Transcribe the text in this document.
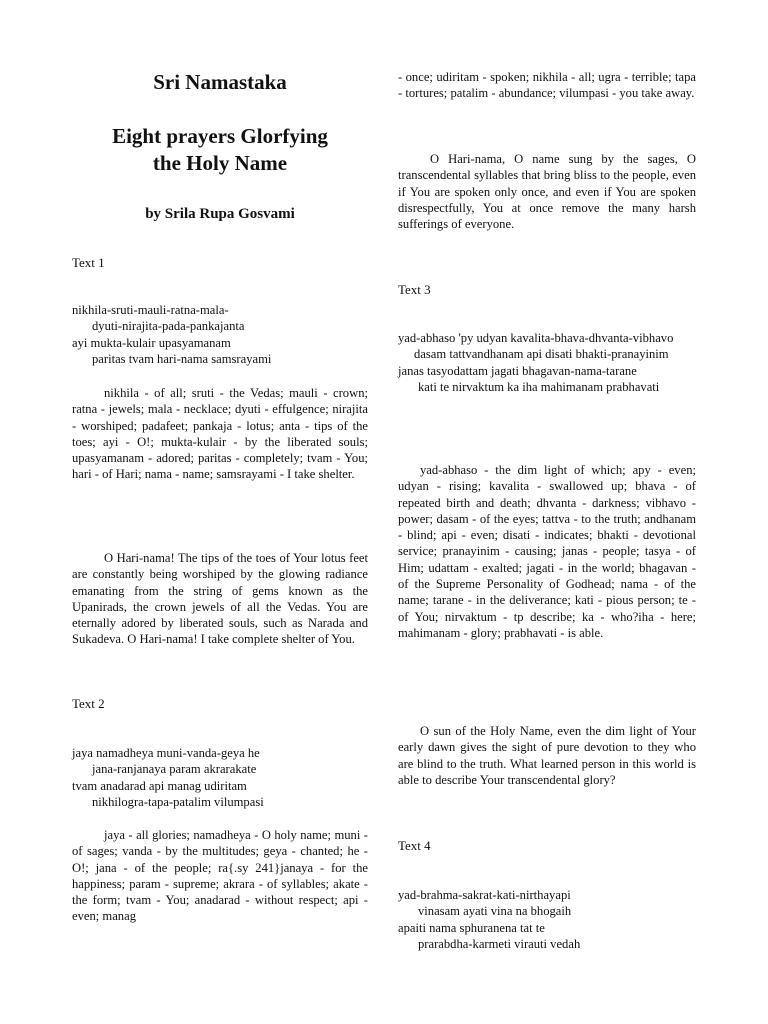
Sri Namastaka
Eight prayers Glorfying
the Holy Name

by Srila Rupa Gosvami

Text 1

nikhila-sruti-mauli-ratna-mala-
dyuti-nirajita-pada-pankajanta
ayi mukta-kulair upasyamanam
paritas tvam hari-nama samsrayami

nikhila - of all; sruti - the Vedas; mauli - crown; ratna - jewels; mala - necklace; dyuti - effulgence; nirajita - worshiped; padafeet; pankaja - lotus; anta - tips of the toes; ayi - O!; mukta-kulair - by the liberated souls; upasyamanam - adored; paritas - completely; tvam - You; hari - of Hari; nama - name; samsrayami - I take shelter.

O Hari-nama! The tips of the toes of Your lotus feet are constantly being worshiped by the glowing radiance emanating from the string of gems known as the Upanirads, the crown jewels of all the Vedas. You are eternally adored by liberated souls, such as Narada and Sukadeva. O Hari-nama! I take complete shelter of You.

Text 2

jaya namadheya muni-vanda-geya he
jana-ranjanaya param akrarakate
tvam anadarad api manag udiritam
nikhilogra-tapa-patalim vilumpasi

jaya - all glories; namadheya - O holy name; muni - of sages; vanda - by the multitudes; geya - chanted; he - O!; jana - of the people; ra{.sy 241}janaya - for the happiness; param - supreme; akrara - of syllables; akate - the form; tvam - You; anadarad - without respect; api - even; manag

- once; udiritam - spoken; nikhila - all; ugra - terrible; tapa - tortures; patalim - abundance; vilumpasi - you take away.

O Hari-nama, O name sung by the sages, O transcendental syllables that bring bliss to the people, even if You are spoken only once, and even if You are spoken disrespectfully, You at once remove the many harsh sufferings of everyone.

Text 3

yad-abhaso 'py udyan kavalita-bhava-dhvanta-vibhavo
dasam tattvandhanam api disati bhakti-pranayinim
janas tasyodattam jagati bhagavan-nama-tarane
kati te nirvaktum ka iha mahimanam prabhavati

yad-abhaso - the dim light of which; apy - even; udyan - rising; kavalita - swallowed up; bhava - of repeated birth and death; dhvanta - darkness; vibhavo - power; dasam - of the eyes; tattva - to the truth; andhanam - blind; api - even; disati - indicates; bhakti - devotional service; pranayinim - causing; janas - people; tasya - of Him; udattam - exalted; jagati - in the world; bhagavan - of the Supreme Personality of Godhead; nama - of the name; tarane - in the deliverance; kati - pious person; te - of You; nirvaktum - tp describe; ka - who?iha - here; mahimanam - glory; prabhavati - is able.

O sun of the Holy Name, even the dim light of Your early dawn gives the sight of pure devotion to they who are blind to the truth. What learned person in this world is able to describe Your transcendental glory?

Text 4

yad-brahma-sakrat-kati-nirthayapi
vinasam ayati vina na bhogaih
apaiti nama sphuranena tat te
prarabdha-karmeti virauti vedah
